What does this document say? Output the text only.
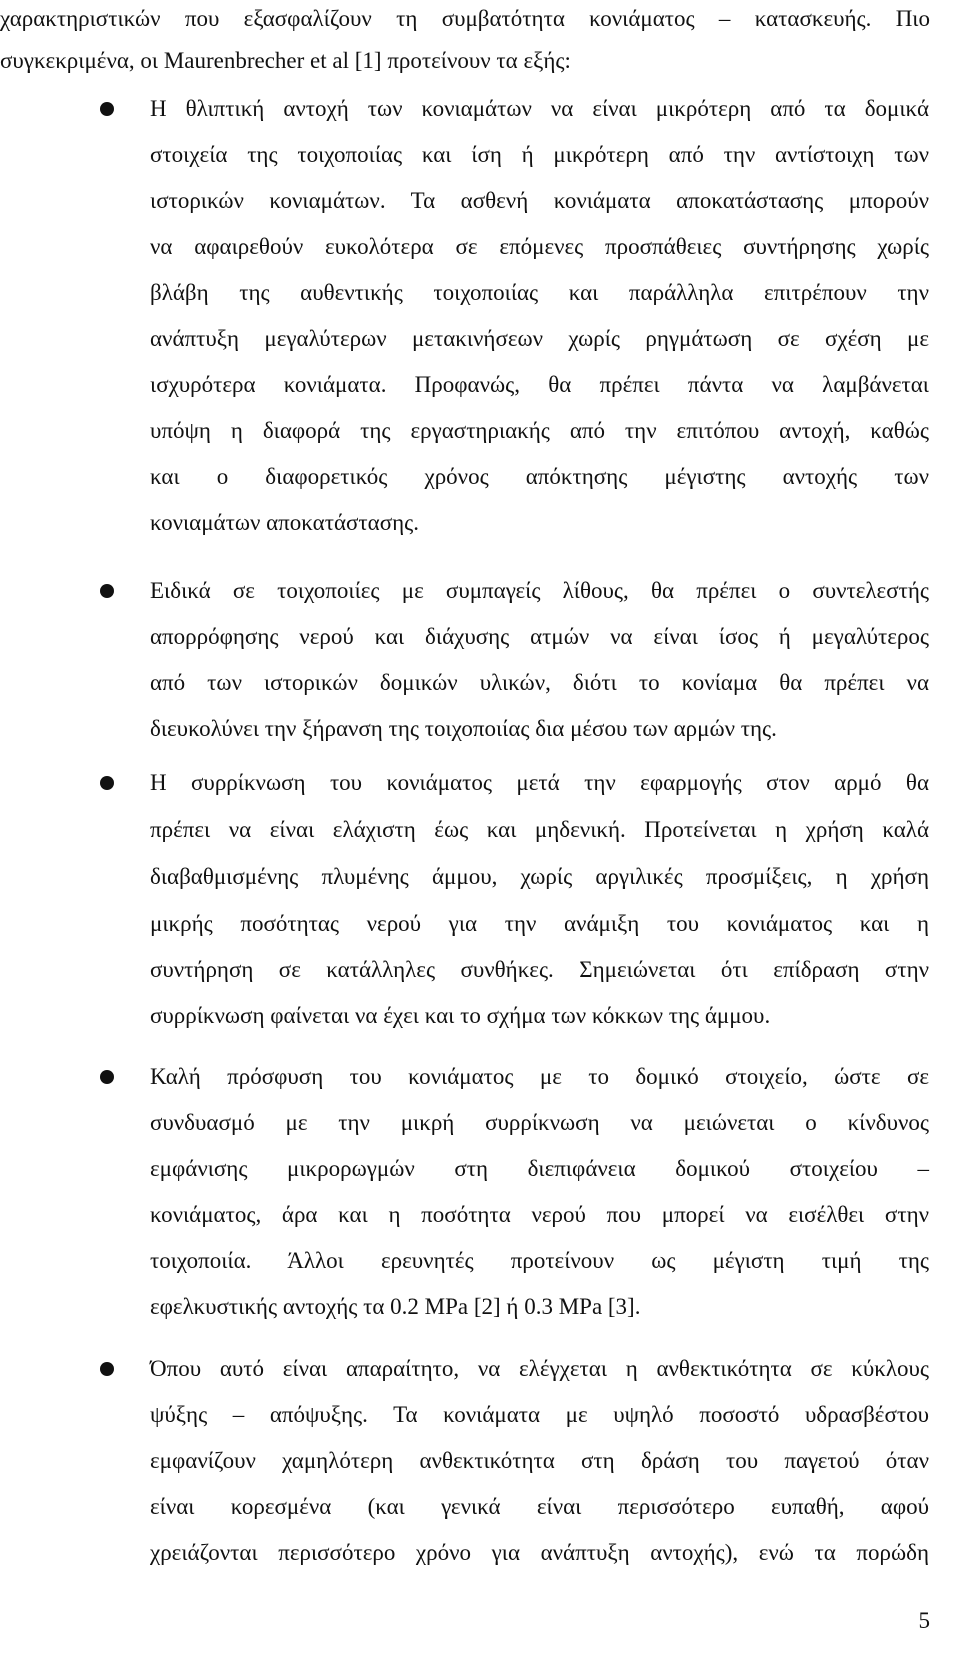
χαρακτηριστικών που εξασφαλίζουν τη συμβατότητα κονιάματος – κατασκευής. Πιο
συγκεκριμένα, οι Maurenbrecher et al [1] προτείνουν τα εξής:
Η θλιπτική αντοχή των κονιαμάτων να είναι μικρότερη από τα δομικά
στοιχεία της τοιχοποιίας και ίση ή μικρότερη από την αντίστοιχη των
ιστορικών κονιαμάτων. Τα ασθενή κονιάματα αποκατάστασης μπορούν
να αφαιρεθούν ευκολότερα σε επόμενες προσπάθειες συντήρησης χωρίς
βλάβη της αυθεντικής τοιχοποιίας και παράλληλα επιτρέπουν την
ανάπτυξη μεγαλύτερων μετακινήσεων χωρίς ρηγμάτωση σε σχέση με
ισχυρότερα κονιάματα. Προφανώς, θα πρέπει πάντα να λαμβάνεται
υπόψη η διαφορά της εργαστηριακής από την επιτόπου αντοχή, καθώς
και ο διαφορετικός χρόνος απόκτησης μέγιστης αντοχής των
κονιαμάτων αποκατάστασης.
Ειδικά σε τοιχοποιίες με συμπαγείς λίθους, θα πρέπει ο συντελεστής
απορρόφησης νερού και διάχυσης ατμών να είναι ίσος ή μεγαλύτερος
από των ιστορικών δομικών υλικών, διότι το κονίαμα θα πρέπει να
διευκολύνει την ξήρανση της τοιχοποιίας δια μέσου των αρμών της.
Η συρρίκνωση του κονιάματος μετά την εφαρμογής στον αρμό θα
πρέπει να είναι ελάχιστη έως και μηδενική. Προτείνεται η χρήση καλά
διαβαθμισμένης πλυμένης άμμου, χωρίς αργιλικές προσμίξεις, η χρήση
μικρής ποσότητας νερού για την ανάμιξη του κονιάματος και η
συντήρηση σε κατάλληλες συνθήκες. Σημειώνεται ότι επίδραση στην
συρρίκνωση φαίνεται να έχει και το σχήμα των κόκκων της άμμου.
Καλή πρόσφυση του κονιάματος με το δομικό στοιχείο, ώστε σε
συνδυασμό με την μικρή συρρίκνωση να μειώνεται ο κίνδυνος
εμφάνισης μικρορωγμών στη διεπιφάνεια δομικού στοιχείου –
κονιάματος, άρα και η ποσότητα νερού που μπορεί να εισέλθει στην
τοιχοποιία. Άλλοι ερευνητές προτείνουν ως μέγιστη τιμή της
εφελκυστικής αντοχής τα 0.2 MPa [2] ή 0.3 MPa [3].
Όπου αυτό είναι απαραίτητο, να ελέγχεται η ανθεκτικότητα σε κύκλους
ψύξης – απόψυξης. Τα κονιάματα με υψηλό ποσοστό υδρασβέστου
εμφανίζουν χαμηλότερη ανθεκτικότητα στη δράση του παγετού όταν
είναι κορεσμένα (και γενικά είναι περισσότερο ευπαθή, αφού
χρειάζονται περισσότερο χρόνο για ανάπτυξη αντοχής), ενώ τα πορώδη
5
